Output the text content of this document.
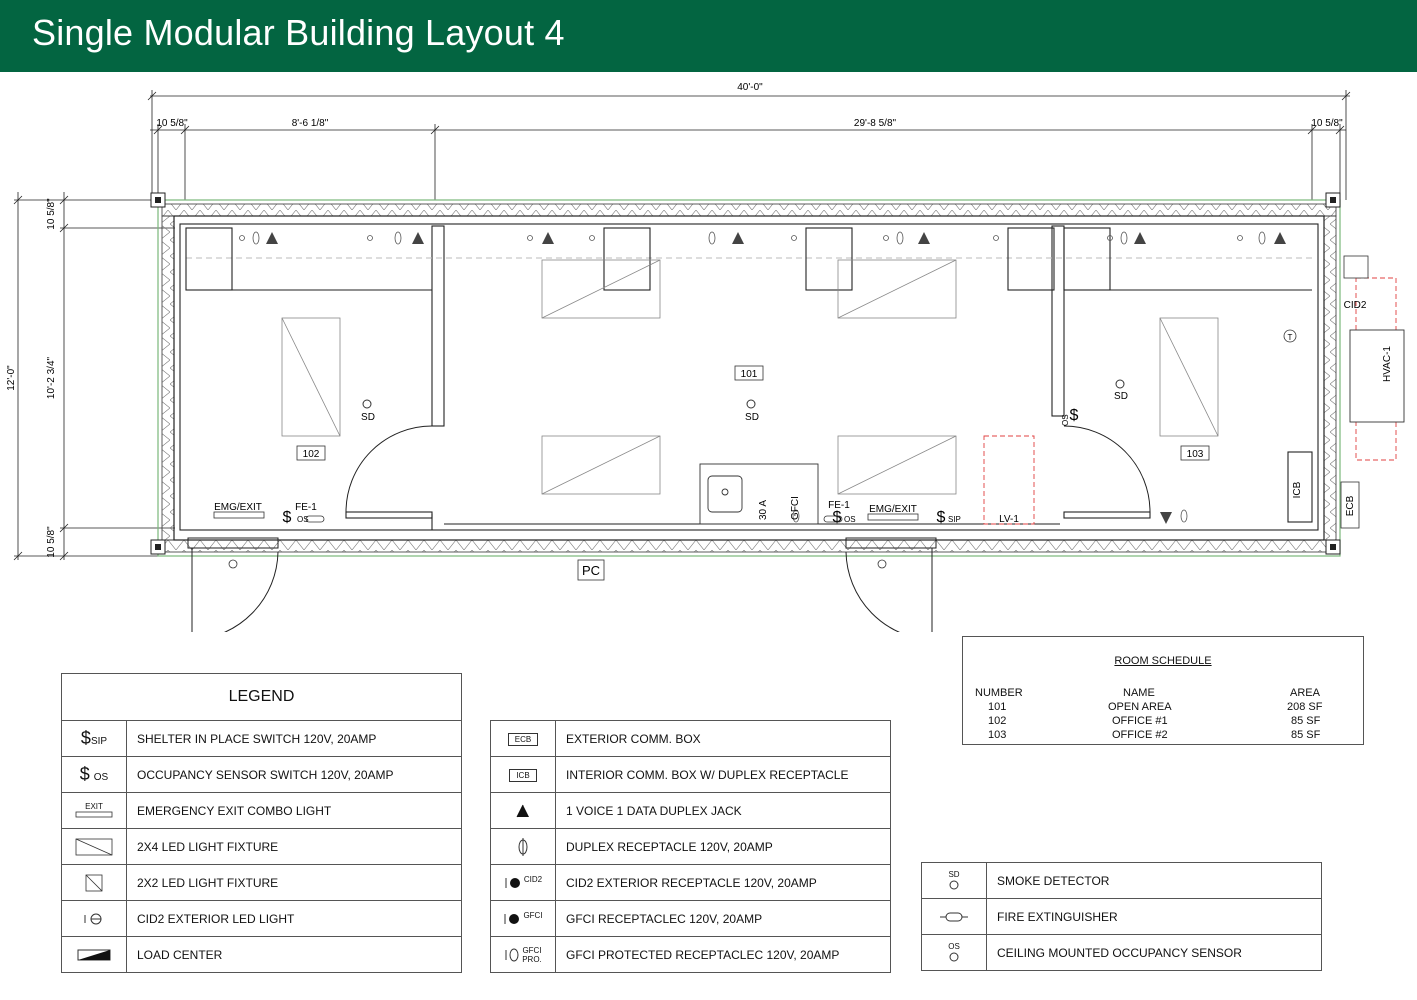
Single Modular Building Layout 4
40'-0"
10 5/8"	8'-6 1/8"	29'-8 5/8"	10 5/8"
12'-0"
10 5/8"
10'-2 3/4"
10 5/8"
30 A GFCI
SD	SD
SD
101
102	103
EMG/EXIT	EMG/EXIT
FE-1	FE-1
$ OS	$ OS	$ SIP
$
OS
LV-1
ICB
ECB
HVAC-1
CID2
T
PC
LEGEND	
$SIP	SHELTER IN PLACE SWITCH 120V, 20AMP
$ OS	OCCUPANCY SENSOR SWITCH 120V, 20AMP

EXIT	EMERGENCY EXIT COMBO LIGHT

	2X4 LED LIGHT FIXTURE

	2X2 LED LIGHT FIXTURE

	CID2 EXTERIOR LED LIGHT

	LOAD CENTER
ECB	EXTERIOR COMM. BOX
ICB	INTERIOR COMM. BOX W/ DUPLEX RECEPTACLE

	1 VOICE 1 DATA DUPLEX JACK

	DUPLEX RECEPTACLE 120V, 20AMP
$^{CID2}$	CID2 EXTERIOR RECEPTACLE 120V, 20AMP
$^{GFCI}$	GFCI RECEPTACLEC 120V, 20AMP

GFCI
PRO.	GFCI PROTECTED RECEPTACLEC 120V, 20AMP
ROOM SCHEDULE
NUMBER	NAME	AREA
101	OPEN AREA	208 SF
102	OFFICE #1	85 SF
103	OFFICE #2	85 SF
SD	SMOKE DETECTOR

	FIRE EXTINGUISHER

OS	CEILING MOUNTED OCCUPANCY SENSOR
